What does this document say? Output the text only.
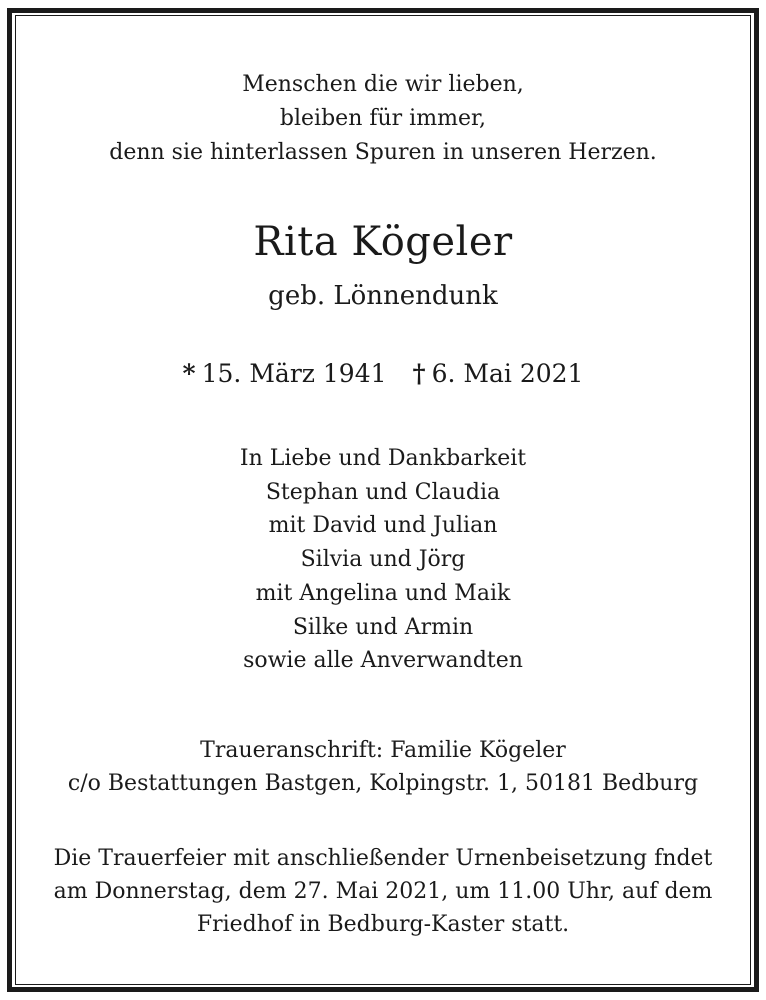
Menschen die wir lieben,
bleiben für immer,
denn sie hinterlassen Spuren in unseren Herzen.
Rita Kögeler
geb. Lönnendunk
* 15. März 1941 † 6. Mai 2021
In Liebe und Dankbarkeit
Stephan und Claudia
mit David und Julian
Silvia und Jörg
mit Angelina und Maik
Silke und Armin
sowie alle Anverwandten
Traueranschrift: Familie Kögeler
c/o Bestattungen Bastgen, Kolpingstr. 1, 50181 Bedburg
Die Trauerfeier mit anschließender Urnenbeisetzung fndet
am Donnerstag, dem 27. Mai 2021, um 11.00 Uhr, auf dem
Friedhof in Bedburg-Kaster statt.
